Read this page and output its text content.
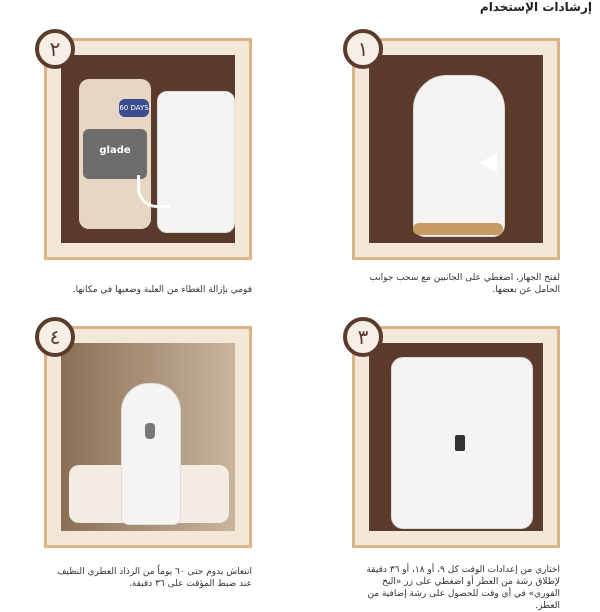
إرشادات الإستخدام
١
لفتح الجهاز، اضغطي على الجانبين مع سحب جوانب الحامل عن بعضها.
glade
60 DAYS
٢
قومي بإزالة الغطاء من العلبة وضعيها في مكانها.
٣
اختاري من إعدادات الوقت كل ٩، أو ١٨، أو ٣٦ دقيقة لإطلاق رشة من العطر أو اضغطي على زر «البخ الفوري» في أي وقت للحصول على رشة إضافية من العطر.
٤
انتعاش يدوم حتى ٦٠ يوماً من الرذاذ العطري النظيف عند ضبط المؤقت على ٣٦ دقيقة.
